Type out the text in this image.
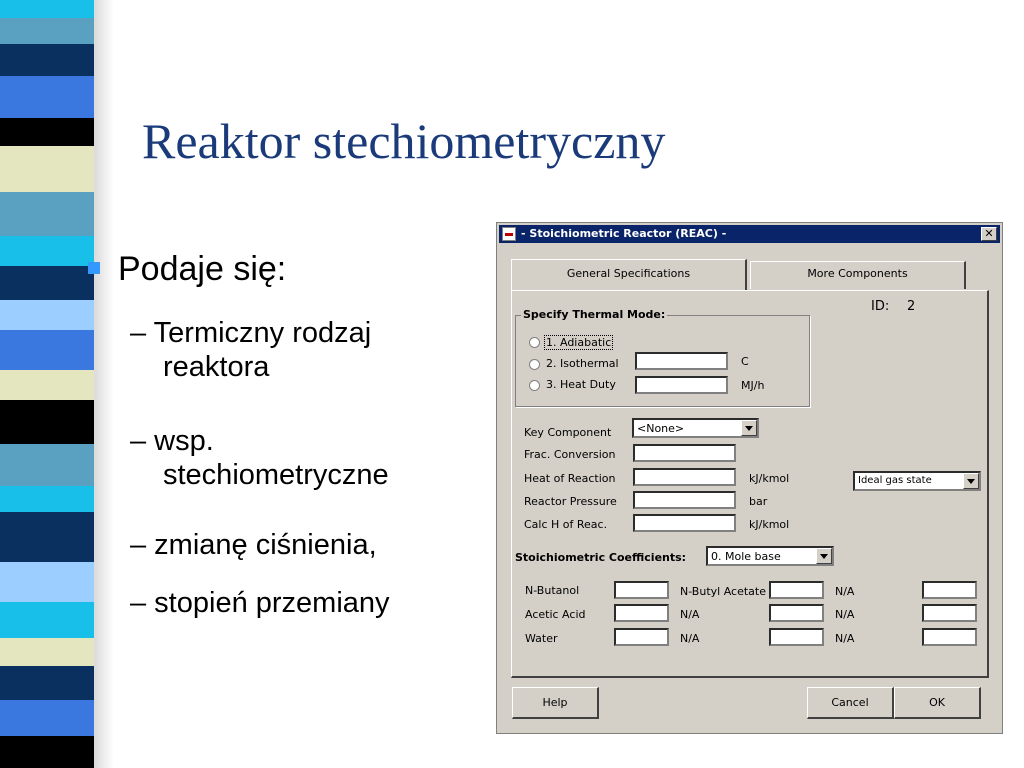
Reaktor stechiometryczny
Podaje się:
– Termiczny rodzaj
reaktora
– wsp.
stechiometryczne
– zmianę ciśnienia,
– stopień przemiany
- Stoichiometric Reactor (REAC) -	✕
General Specifications	More Components
ID: 2
Specify Thermal Mode:
1. Adiabatic
2. Isothermal	C
3. Heat Duty	MJ/h
Key Component <None>
Frac. Conversion
Heat of Reaction	kJ/kmol	Ideal gas state
Reactor Pressure	bar
Calc H of Reac.	kJ/kmol
Stoichiometric Coefficients: 0. Mole base
N-Butanol	N-Butyl Acetate	N/A
Acetic Acid	N/A	N/A
Water	N/A	N/A
Help	Cancel	OK
